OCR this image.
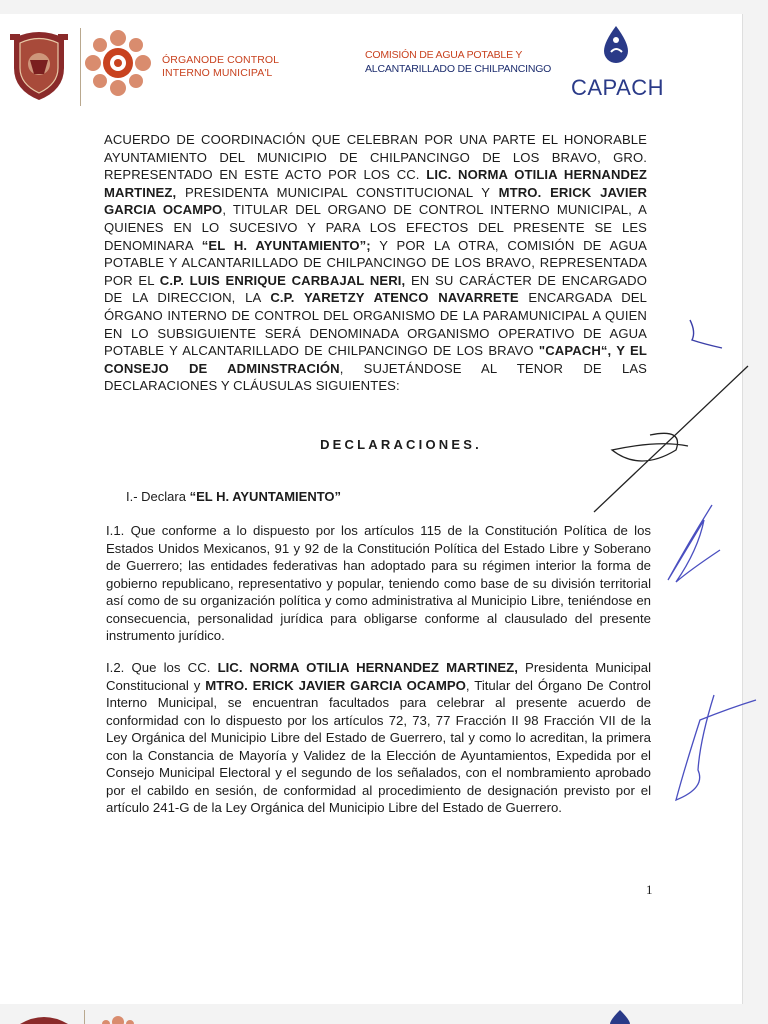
ÓRGANODE CONTROL
INTERNO MUNICIPA'L
COMISIÓN DE AGUA POTABLE Y
ALCANTARILLADO DE CHILPANCINGO
CAPACH
ACUERDO DE COORDINACIÓN QUE CELEBRAN POR UNA PARTE EL HONORABLE AYUNTAMIENTO DEL MUNICIPIO DE CHILPANCINGO DE LOS BRAVO, GRO. REPRESENTADO EN ESTE ACTO POR LOS CC. LIC. NORMA OTILIA HERNANDEZ MARTINEZ, PRESIDENTA MUNICIPAL CONSTITUCIONAL Y MTRO. ERICK JAVIER GARCIA OCAMPO, TITULAR DEL ORGANO DE CONTROL INTERNO MUNICIPAL, A QUIENES EN LO SUCESIVO Y PARA LOS EFECTOS DEL PRESENTE SE LES DENOMINARA “EL H. AYUNTAMIENTO”; Y POR LA OTRA, COMISIÓN DE AGUA POTABLE Y ALCANTARILLADO DE CHILPANCINGO DE LOS BRAVO, REPRESENTADA POR EL C.P. LUIS ENRIQUE CARBAJAL NERI, EN SU CARÁCTER DE ENCARGADO DE LA DIRECCION, LA C.P. YARETZY ATENCO NAVARRETE ENCARGADA DEL ÓRGANO INTERNO DE CONTROL DEL ORGANISMO DE LA PARAMUNICIPAL A QUIEN EN LO SUBSIGUIENTE SERÁ DENOMINADA ORGANISMO OPERATIVO DE AGUA POTABLE Y ALCANTARILLADO DE CHILPANCINGO DE LOS BRAVO "CAPACH“, Y EL CONSEJO DE ADMINSTRACIÓN, SUJETÁNDOSE AL TENOR DE LAS DECLARACIONES Y CLÁUSULAS SIGUIENTES:
DECLARACIONES.
I.- Declara “EL H. AYUNTAMIENTO”
I.1. Que conforme a lo dispuesto por los artículos 115 de la Constitución Política de los Estados Unidos Mexicanos, 91 y 92 de la Constitución Política del Estado Libre y Soberano de Guerrero; las entidades federativas han adoptado para su régimen interior la forma de gobierno republicano, representativo y popular, teniendo como base de su división territorial así como de su organización política y como administrativa al Municipio Libre, teniéndose en consecuencia, personalidad jurídica para obligarse conforme al clausulado del presente instrumento jurídico.
I.2. Que los CC. LIC. NORMA OTILIA HERNANDEZ MARTINEZ, Presidenta Municipal Constitucional y MTRO. ERICK JAVIER GARCIA OCAMPO, Titular del Órgano De Control Interno Municipal, se encuentran facultados para celebrar al presente acuerdo de conformidad con lo dispuesto por los artículos 72, 73, 77 Fracción II 98 Fracción VII de la Ley Orgánica del Municipio Libre del Estado de Guerrero, tal y como lo acreditan, la primera con la Constancia de Mayoría y Validez de la Elección de Ayuntamientos, Expedida por el Consejo Municipal Electoral y el segundo de los señalados, con el nombramiento aprobado por el cabildo en sesión, de conformidad al procedimiento de designación previsto por el artículo 241-G de la Ley Orgánica del Municipio Libre del Estado de Guerrero.
1
